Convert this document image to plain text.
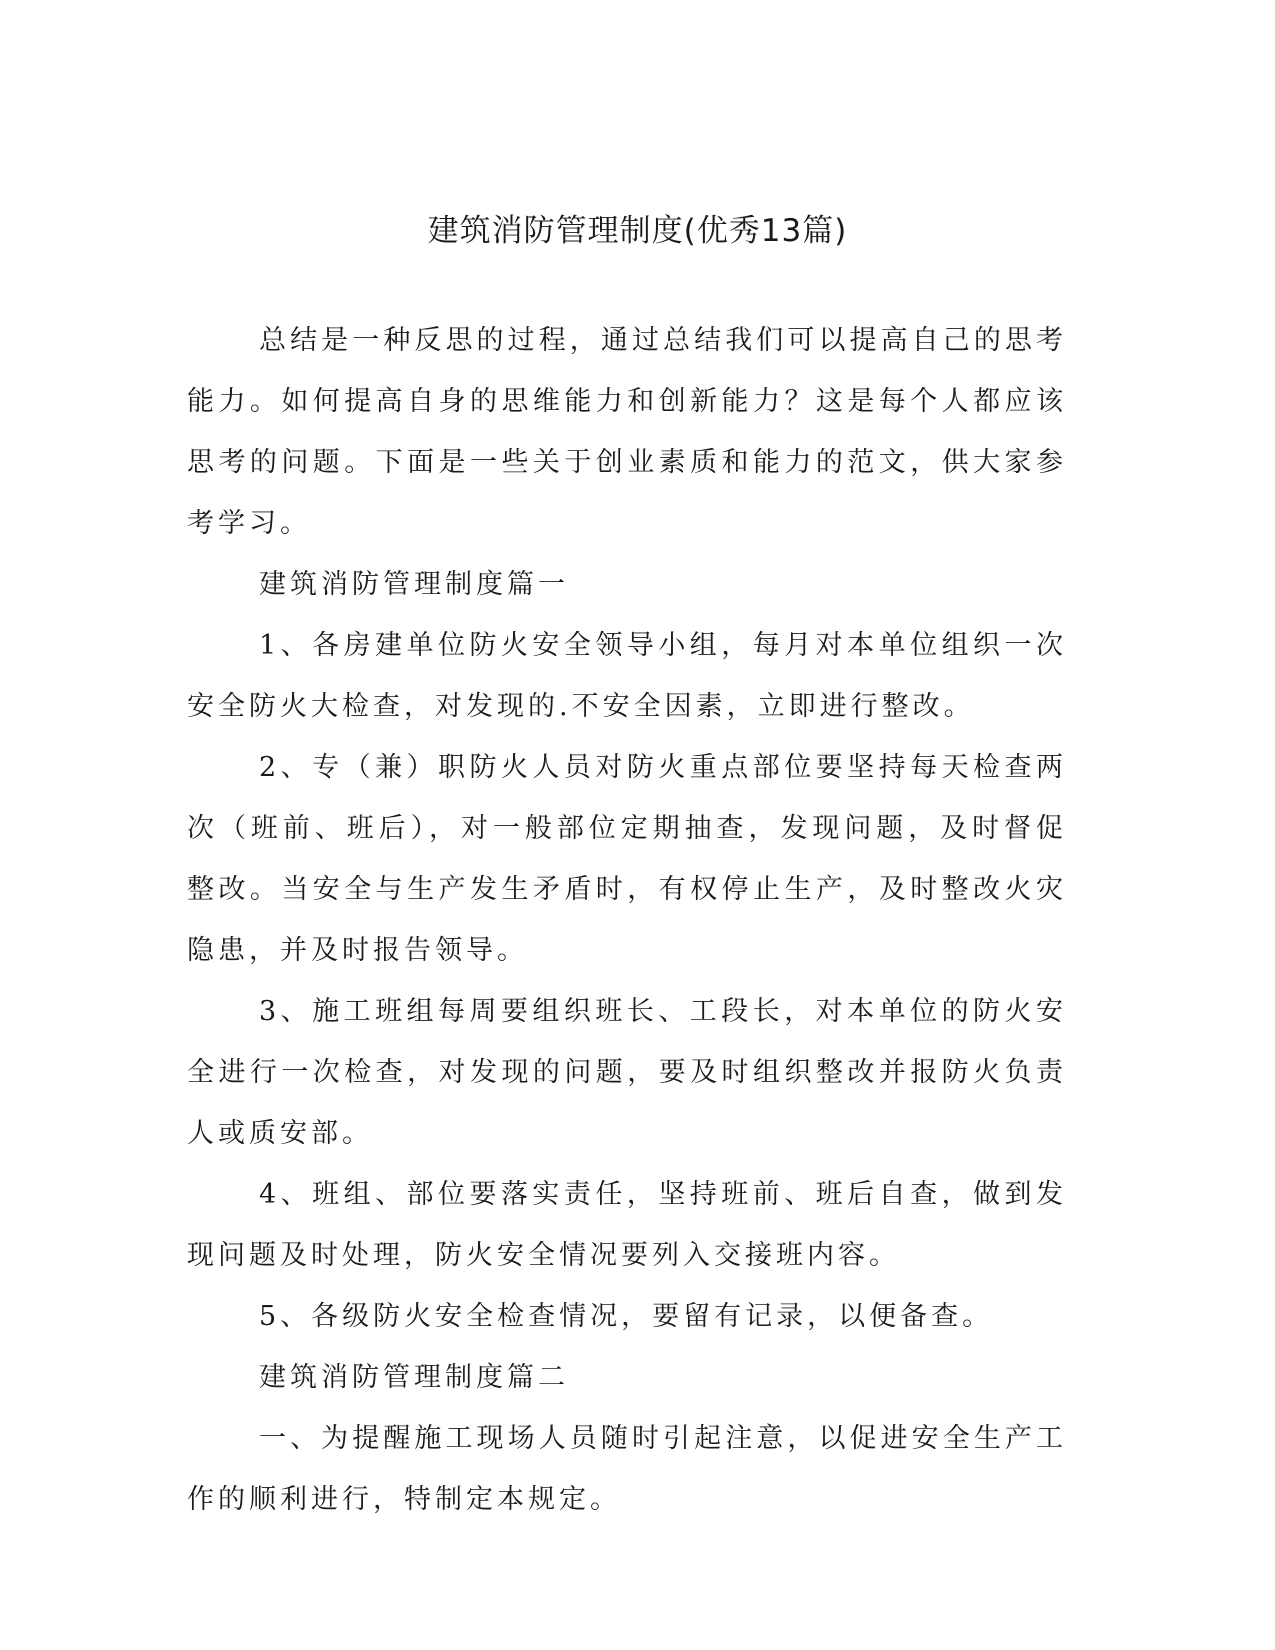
建筑消防管理制度(优秀13篇)

总结是一种反思的过程，通过总结我们可以提高自己的思考能力。如何提高自身的思维能力和创新能力？这是每个人都应该思考的问题。下面是一些关于创业素质和能力的范文，供大家参考学习。

建筑消防管理制度篇一

1、各房建单位防火安全领导小组，每月对本单位组织一次安全防火大检查，对发现的.不安全因素，立即进行整改。

2、专（兼）职防火人员对防火重点部位要坚持每天检查两次（班前、班后），对一般部位定期抽查，发现问题，及时督促整改。当安全与生产发生矛盾时，有权停止生产，及时整改火灾隐患，并及时报告领导。

3、施工班组每周要组织班长、工段长，对本单位的防火安全进行一次检查，对发现的问题，要及时组织整改并报防火负责人或质安部。

4、班组、部位要落实责任，坚持班前、班后自查，做到发现问题及时处理，防火安全情况要列入交接班内容。

5、各级防火安全检查情况，要留有记录，以便备查。

建筑消防管理制度篇二

一、为提醒施工现场人员随时引起注意，以促进安全生产工作的顺利进行，特制定本规定。
